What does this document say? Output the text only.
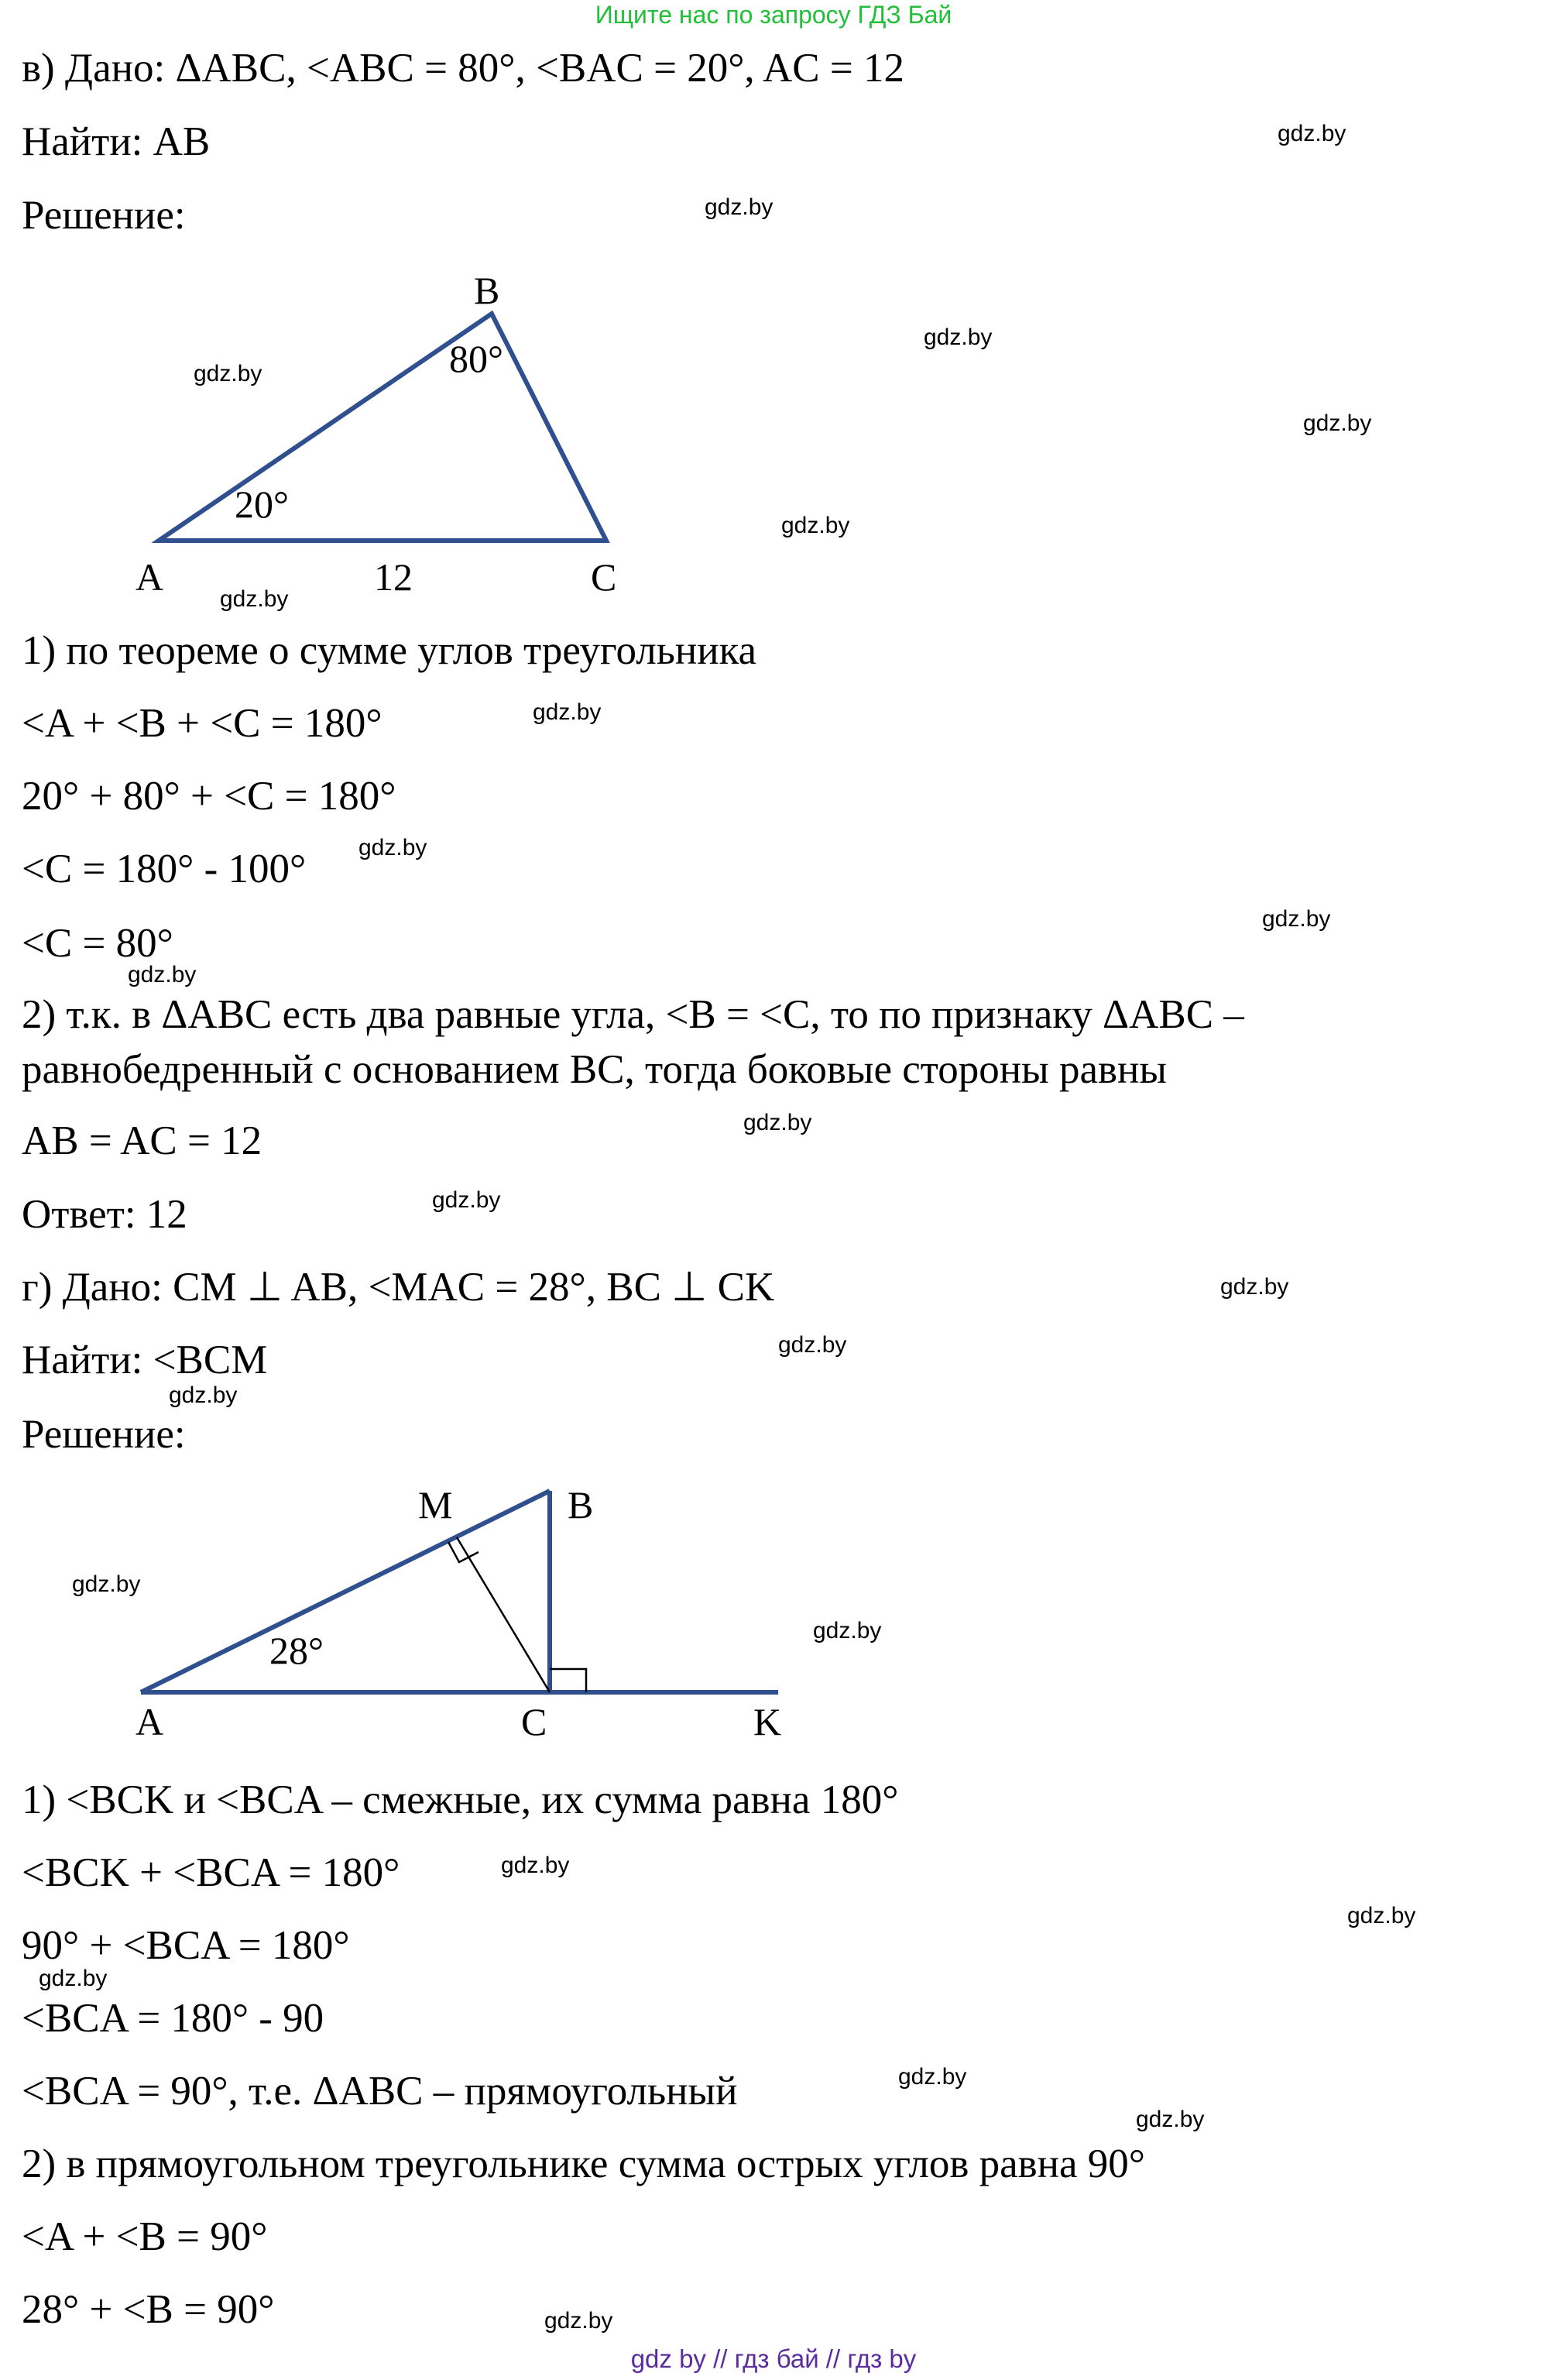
Ищите нас по запросу ГДЗ Бай
в) Дано: ΔABC, <ABC = 80°, <BAC = 20°, AC = 12
Найти: AB
Решение:
B
80°
20°
A	12	C
M	B
28°
A	C	K
1) по теореме о сумме углов треугольника
<A + <B + <C = 180°
20° + 80° + <C = 180°
<C = 180° - 100°
<C = 80°
2) т.к. в ΔABC есть два равные угла, <B = <C, то по признаку ΔABC –
равнобедренный с основанием BC, тогда боковые стороны равны
AB = AC = 12
Ответ: 12
г) Дано: CM ⊥ AB, <MAC = 28°, BC ⊥ CK
Найти: <BCM
Решение:
1) <BCK и <BCA – смежные, их сумма равна 180°
<BCK + <BCA = 180°
90° + <BCA = 180°
<BCA = 180° - 90
<BCA = 90°, т.е. ΔABC – прямоугольный
2) в прямоугольном треугольнике сумма острых углов равна 90°
<A + <B = 90°
28° + <B = 90°
gdz.by
gdz.by
gdz.by
gdz.by
gdz.by
gdz.by
gdz.by
gdz.by
gdz.by
gdz.by
gdz.by
gdz.by
gdz.by
gdz.by
gdz.by
gdz.by
gdz.by
gdz.by
gdz.by
gdz.by
gdz.by
gdz.by
gdz.by
gdz.by
gdz by // гдз бай // гдз by
